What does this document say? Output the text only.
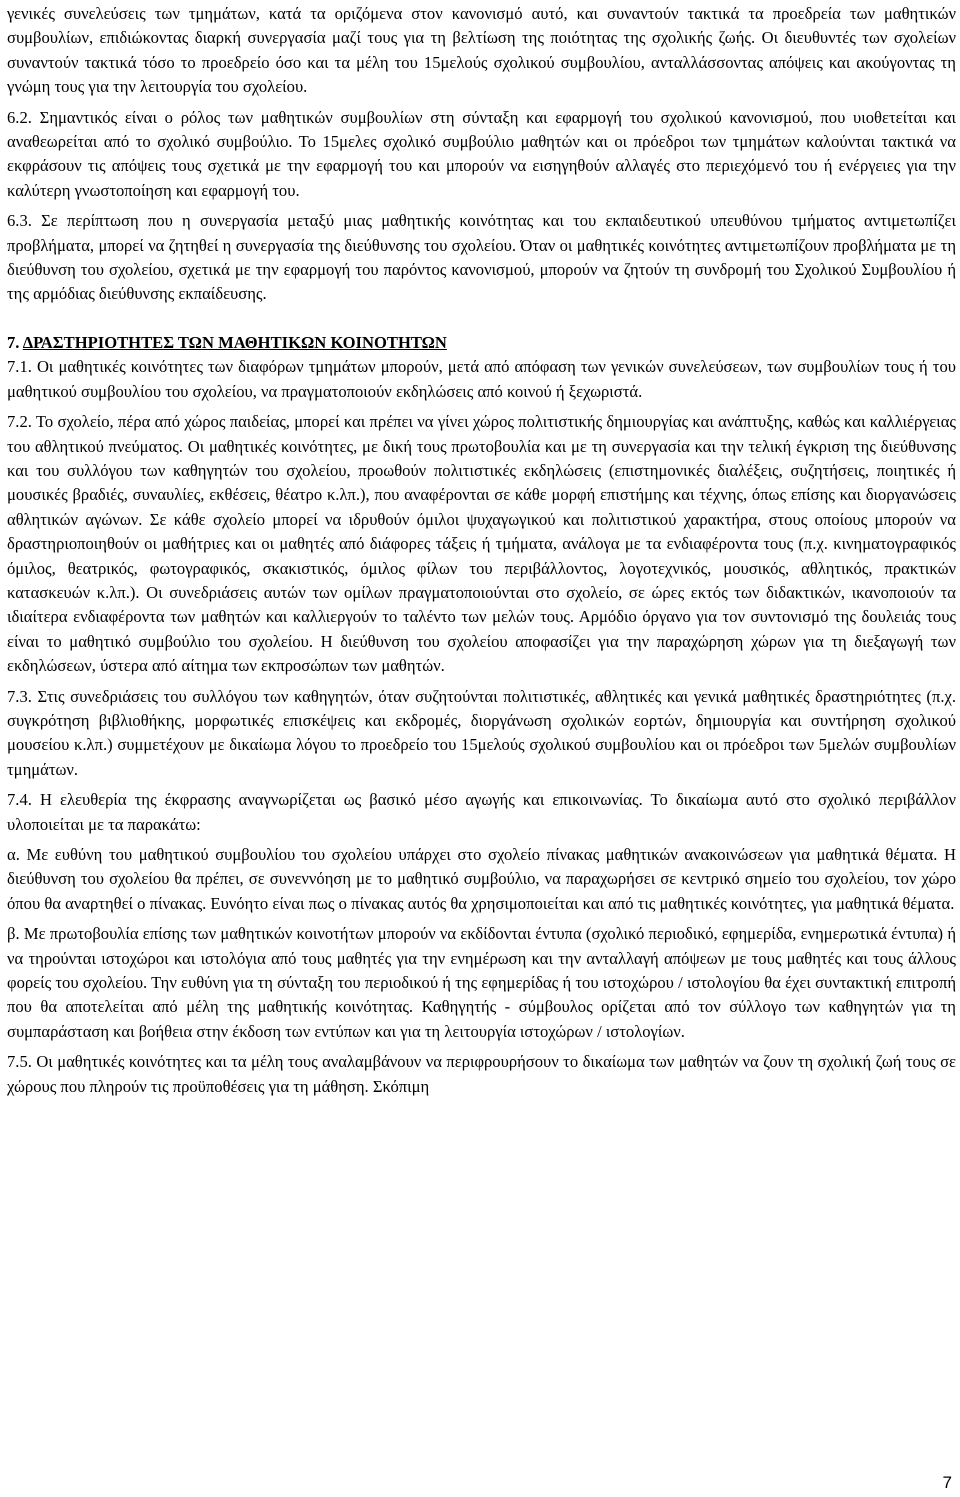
γενικές συνελεύσεις των τμημάτων, κατά τα οριζόμενα στον κανονισμό αυτό, και συναντούν τακτικά τα προεδρεία των μαθητικών συμβουλίων, επιδιώκοντας διαρκή συνεργασία μαζί τους για τη βελτίωση της ποιότητας της σχολικής ζωής. Οι διευθυντές των σχολείων συναντούν τακτικά τόσο το προεδρείο όσο και τα μέλη του 15μελούς σχολικού συμβουλίου, ανταλλάσσοντας απόψεις και ακούγοντας τη γνώμη τους για την λειτουργία του σχολείου.

6.2. Σημαντικός είναι ο ρόλος των μαθητικών συμβουλίων στη σύνταξη και εφαρμογή του σχολικού κανονισμού, που υιοθετείται και αναθεωρείται από το σχολικό συμβούλιο. Το 15μελες σχολικό συμβούλιο μαθητών και οι πρόεδροι των τμημάτων καλούνται τακτικά να εκφράσουν τις απόψεις τους σχετικά με την εφαρμογή του και μπορούν να εισηγηθούν αλλαγές στο περιεχόμενό του ή ενέργειες για την καλύτερη γνωστοποίηση και εφαρμογή του.

6.3. Σε περίπτωση που η συνεργασία μεταξύ μιας μαθητικής κοινότητας και του εκπαιδευτικού υπευθύνου τμήματος αντιμετωπίζει προβλήματα, μπορεί να ζητηθεί η συνεργασία της διεύθυνσης του σχολείου. Όταν οι μαθητικές κοινότητες αντιμετωπίζουν προβλήματα με τη διεύθυνση του σχολείου, σχετικά με την εφαρμογή του παρόντος κανονισμού, μπορούν να ζητούν τη συνδρομή του Σχολικού Συμβουλίου ή της αρμόδιας διεύθυνσης εκπαίδευσης.

7. ΔΡΑΣΤΗΡΙΟΤΗΤΕΣ ΤΩΝ ΜΑΘΗΤΙΚΩΝ ΚΟΙΝΟΤΗΤΩΝ

7.1. Οι μαθητικές κοινότητες των διαφόρων τμημάτων μπορούν, μετά από απόφαση των γενικών συνελεύσεων, των συμβουλίων τους ή του μαθητικού συμβουλίου του σχολείου, να πραγματοποιούν εκδηλώσεις από κοινού ή ξεχωριστά.

7.2. Το σχολείο, πέρα από χώρος παιδείας, μπορεί και πρέπει να γίνει χώρος πολιτιστικής δημιουργίας και ανάπτυξης, καθώς και καλλιέργειας του αθλητικού πνεύματος. Οι μαθητικές κοινότητες, με δική τους πρωτοβουλία και με τη συνεργασία και την τελική έγκριση της διεύθυνσης και του συλλόγου των καθηγητών του σχολείου, προωθούν πολιτιστικές εκδηλώσεις (επιστημονικές διαλέξεις, συζητήσεις, ποιητικές ή μουσικές βραδιές, συναυλίες, εκθέσεις, θέατρο κ.λπ.), που αναφέρονται σε κάθε μορφή επιστήμης και τέχνης, όπως επίσης και διοργανώσεις αθλητικών αγώνων. Σε κάθε σχολείο μπορεί να ιδρυθούν όμιλοι ψυχαγωγικού και πολιτιστικού χαρακτήρα, στους οποίους μπορούν να δραστηριοποιηθούν οι μαθήτριες και οι μαθητές από διάφορες τάξεις ή τμήματα, ανάλογα με τα ενδιαφέροντα τους (π.χ. κινηματογραφικός όμιλος, θεατρικός, φωτογραφικός, σκακιστικός, όμιλος φίλων του περιβάλλοντος, λογοτεχνικός, μουσικός, αθλητικός, πρακτικών κατασκευών κ.λπ.). Οι συνεδριάσεις αυτών των ομίλων πραγματοποιούνται στο σχολείο, σε ώρες εκτός των διδακτικών, ικανοποιούν τα ιδιαίτερα ενδιαφέροντα των μαθητών και καλλιεργούν το ταλέντο των μελών τους. Αρμόδιο όργανο για τον συντονισμό της δουλειάς τους είναι το μαθητικό συμβούλιο του σχολείου. Η διεύθυνση του σχολείου αποφασίζει για την παραχώρηση χώρων για τη διεξαγωγή των εκδηλώσεων, ύστερα από αίτημα των εκπροσώπων των μαθητών.

7.3. Στις συνεδριάσεις του συλλόγου των καθηγητών, όταν συζητούνται πολιτιστικές, αθλητικές και γενικά μαθητικές δραστηριότητες (π.χ. συγκρότηση βιβλιοθήκης, μορφωτικές επισκέψεις και εκδρομές, διοργάνωση σχολικών εορτών, δημιουργία και συντήρηση σχολικού μουσείου κ.λπ.) συμμετέχουν με δικαίωμα λόγου το προεδρείο του 15μελούς σχολικού συμβουλίου και οι πρόεδροι των 5μελών συμβουλίων τμημάτων.

7.4. Η ελευθερία της έκφρασης αναγνωρίζεται ως βασικό μέσο αγωγής και επικοινωνίας. Το δικαίωμα αυτό στο σχολικό περιβάλλον υλοποιείται με τα παρακάτω:

α. Με ευθύνη του μαθητικού συμβουλίου του σχολείου υπάρχει στο σχολείο πίνακας μαθητικών ανακοινώσεων για μαθητικά θέματα. Η διεύθυνση του σχολείου θα πρέπει, σε συνεννόηση με το μαθητικό συμβούλιο, να παραχωρήσει σε κεντρικό σημείο του σχολείου, τον χώρο όπου θα αναρτηθεί ο πίνακας. Ευνόητο είναι πως ο πίνακας αυτός θα χρησιμοποιείται και από τις μαθητικές κοινότητες, για μαθητικά θέματα.

β. Με πρωτοβουλία επίσης των μαθητικών κοινοτήτων μπορούν να εκδίδονται έντυπα (σχολικό περιοδικό, εφημερίδα, ενημερωτικά έντυπα) ή να τηρούνται ιστοχώροι και ιστολόγια από τους μαθητές για την ενημέρωση και την ανταλλαγή απόψεων με τους μαθητές και τους άλλους φορείς του σχολείου. Την ευθύνη για τη σύνταξη του περιοδικού ή της εφημερίδας ή του ιστοχώρου / ιστολογίου θα έχει συντακτική επιτροπή που θα αποτελείται από μέλη της μαθητικής κοινότητας. Καθηγητής - σύμβουλος ορίζεται από τον σύλλογο των καθηγητών για τη συμπαράσταση και βοήθεια στην έκδοση των εντύπων και για τη λειτουργία ιστοχώρων / ιστολογίων.

7.5. Οι μαθητικές κοινότητες και τα μέλη τους αναλαμβάνουν να περιφρουρήσουν το δικαίωμα των μαθητών να ζουν τη σχολική ζωή τους σε χώρους που πληρούν τις προϋποθέσεις για τη μάθηση. Σκόπιμη

7
